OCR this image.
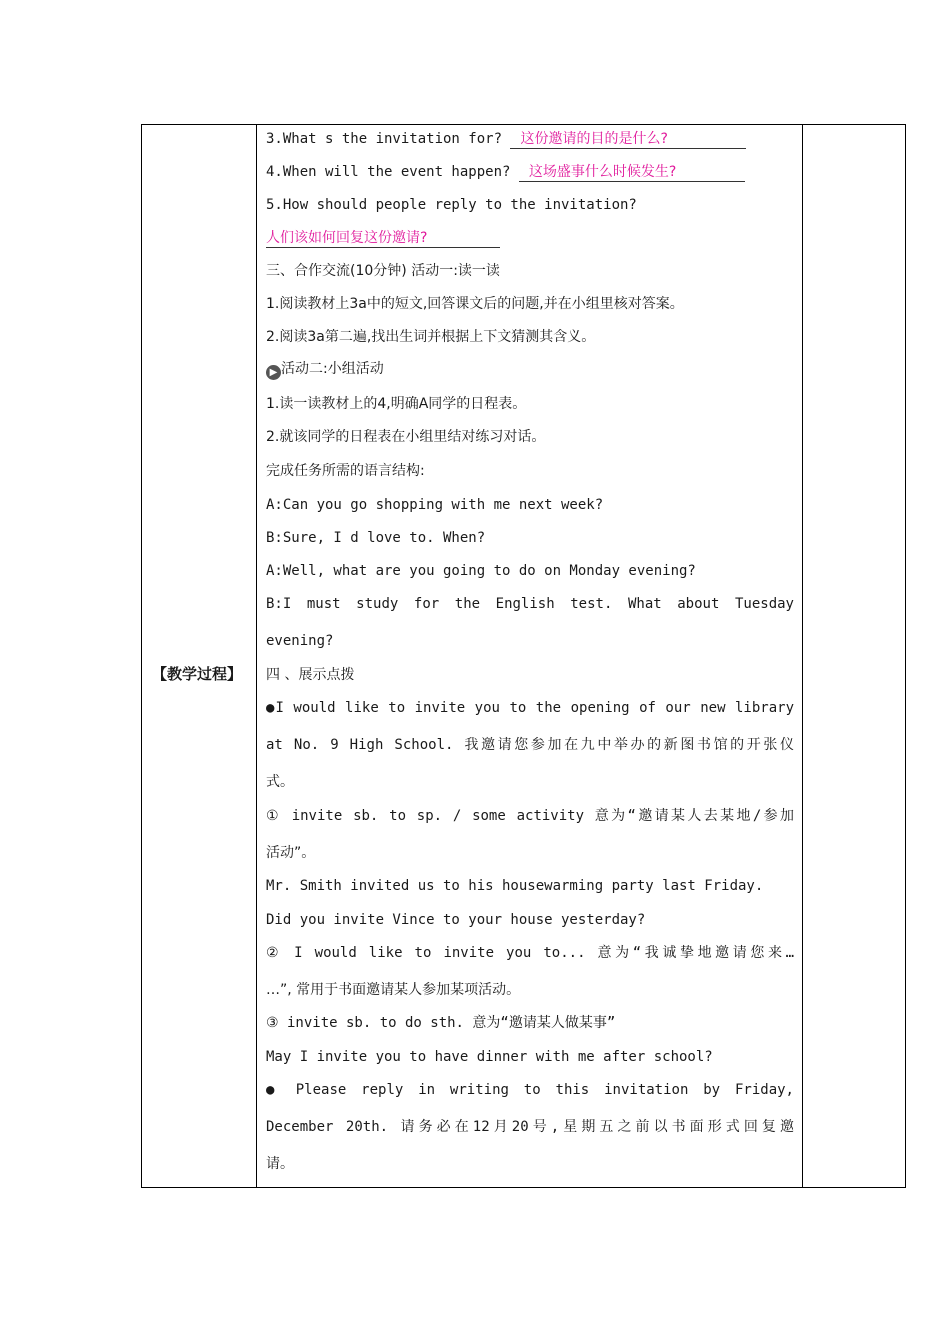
【教学过程】
3.What s the invitation for? 这份邀请的目的是什么?
4.When will the event happen? 这场盛事什么时候发生?
5.How should people reply to the invitation?
人们该如何回复这份邀请?
三、合作交流(10分钟) 活动一:读一读
1.阅读教材上3a中的短文,回答课文后的问题,并在小组里核对答案。
2.阅读3a第二遍,找出生词并根据上下文猜测其含义。
▶ 活动二:小组活动
1.读一读教材上的4,明确A同学的日程表。
2.就该同学的日程表在小组里结对练习对话。
完成任务所需的语言结构:
A:Can you go shopping with me next week?
B:Sure, I d love to. When?
A:Well, what are you going to do on Monday evening?
B:I must study for the English test. What about Tuesday
evening?
四 、展示点拨
●I would like to invite you to the opening of our new library
at No. 9 High School. 我邀请您参加在九中举办的新图书馆的开张仪
式。
① invite sb. to sp. / some activity 意为“邀请某人去某地/参加
活动”。
Mr. Smith invited us to his housewarming party last Friday.
Did you invite Vince to your house yesterday?
② I would like to invite you to... 意为“我诚挚地邀请您来…
…”, 常用于书面邀请某人参加某项活动。
③ invite sb. to do sth. 意为“邀请某人做某事”
May I invite you to have dinner with me after school?
● Please reply in writing to this invitation by Friday,
December 20th. 请务必在12月20号,星期五之前以书面形式回复邀
请。
